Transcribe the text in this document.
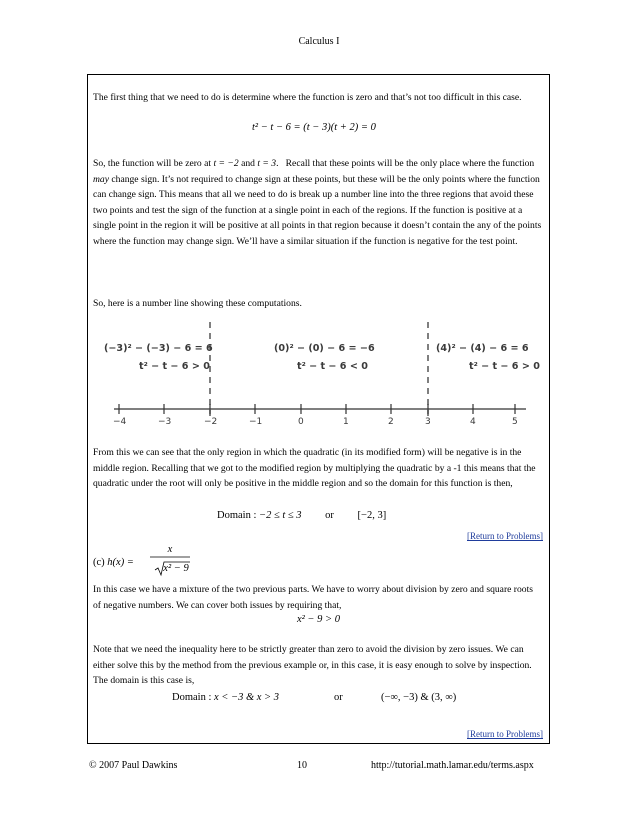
Calculus I
The first thing that we need to do is determine where the function is zero and that’s not too difficult in this case.
t² − t − 6 = (t − 3)(t + 2) = 0
So, the function will be zero at t = −2 and t = 3.   Recall that these points will be the only place where the function may change sign. It’s not required to change sign at these points, but these will be the only points where the function can change sign. This means that all we need to do is break up a number line into the three regions that avoid these two points and test the sign of the function at a single point in each of the regions. If the function is positive at a single point in the region it will be positive at all points in that region because it doesn’t contain the any of the points where the function may change sign. We’ll have a similar situation if the function is negative for the test point.
So, here is a number line showing these computations.
(−3)² − (−3) − 6 = 6
t² − t − 6 > 0
(0)² − (0) − 6 = −6
t² − t − 6 < 0
(4)² − (4) − 6 = 6
t² − t − 6 > 0
−4	−3	−2	−1	0	1	2	3	4	5
From this we can see that the only region in which the quadratic (in its modified form) will be negative is in the middle region. Recalling that we got to the modified region by multiplying the quadratic by a -1 this means that the quadratic under the root will only be positive in the middle region and so the domain for this function is then,
Domain : −2 ≤ t ≤ 3 or [−2, 3]
[Return to Problems]
(c) h(x) =
x
x² − 9
In this case we have a mixture of the two previous parts. We have to worry about division by zero and square roots of negative numbers. We can cover both issues by requiring that,
x² − 9 > 0
Note that we need the inequality here to be strictly greater than zero to avoid the division by zero issues. We can either solve this by the method from the previous example or, in this case, it is easy enough to solve by inspection. The domain is this case is,
Domain : x < −3 & x > 3	or	(−∞, −3) & (3, ∞)
[Return to Problems]
© 2007 Paul Dawkins	10	http://tutorial.math.lamar.edu/terms.aspx
